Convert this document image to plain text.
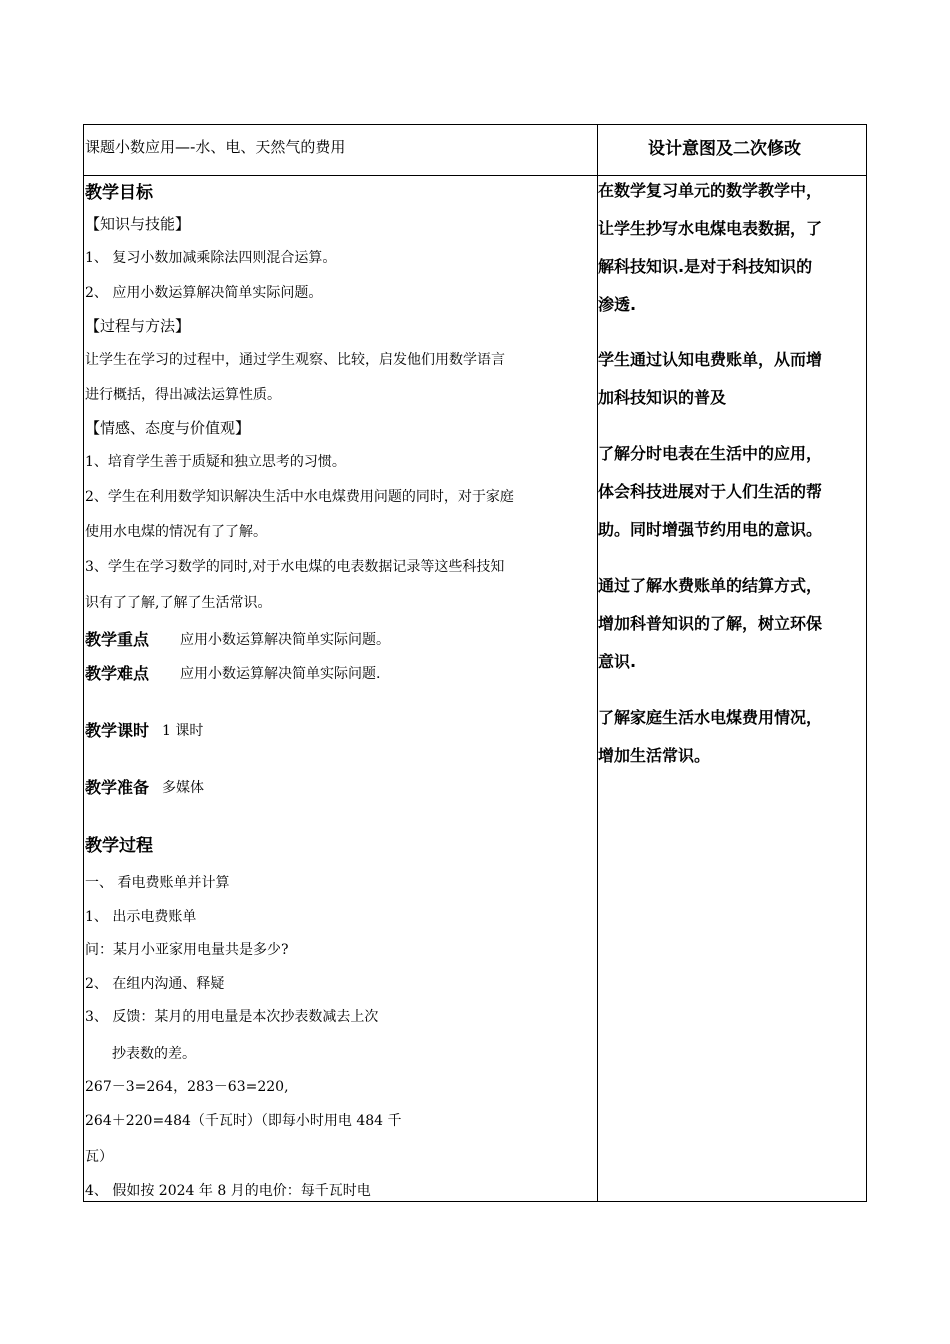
课题小数应用—-水、电、天然气的费用	设计意图及二次修改
教学目标
【知识与技能】
1、 复习小数加减乘除法四则混合运算。
2、 应用小数运算解决简单实际问题。
【过程与方法】
让学生在学习的过程中，通过学生观察、比较，启发他们用数学语言
进行概括，得出减法运算性质。
【情感、态度与价值观】
1、培育学生善于质疑和独立思考的习惯。
2、学生在利用数学知识解决生活中水电煤费用问题的同时，对于家庭
使用水电煤的情况有了了解。
3、学生在学习数学的同时,对于水电煤的电表数据记录等这些科技知
识有了了解,了解了生活常识。
教学重点 应用小数运算解决简单实际问题。
教学难点 应用小数运算解决简单实际问题.
教学课时 1 课时
教学准备 多媒体
教学过程
一、 看电费账单并计算
1、 出示电费账单
问：某月小亚家用电量共是多少?
2、 在组内沟通、释疑
3、 反馈：某月的用电量是本次抄表数减去上次
抄表数的差。
267－3=264，283－63=220,
264＋220=484（千瓦时）（即每小时用电 484 千
瓦）
4、 假如按 2024 年 8 月的电价：每千瓦时电
在数学复习单元的数学教学中，
让学生抄写水电煤电表数据，了
解科技知识.是对于科技知识的
渗透.
学生通过认知电费账单，从而增
加科技知识的普及
了解分时电表在生活中的应用，
体会科技进展对于人们生活的帮
助。同时增强节约用电的意识。
通过了解水费账单的结算方式，
增加科普知识的了解，树立环保
意识.
了解家庭生活水电煤费用情况，
增加生活常识。
